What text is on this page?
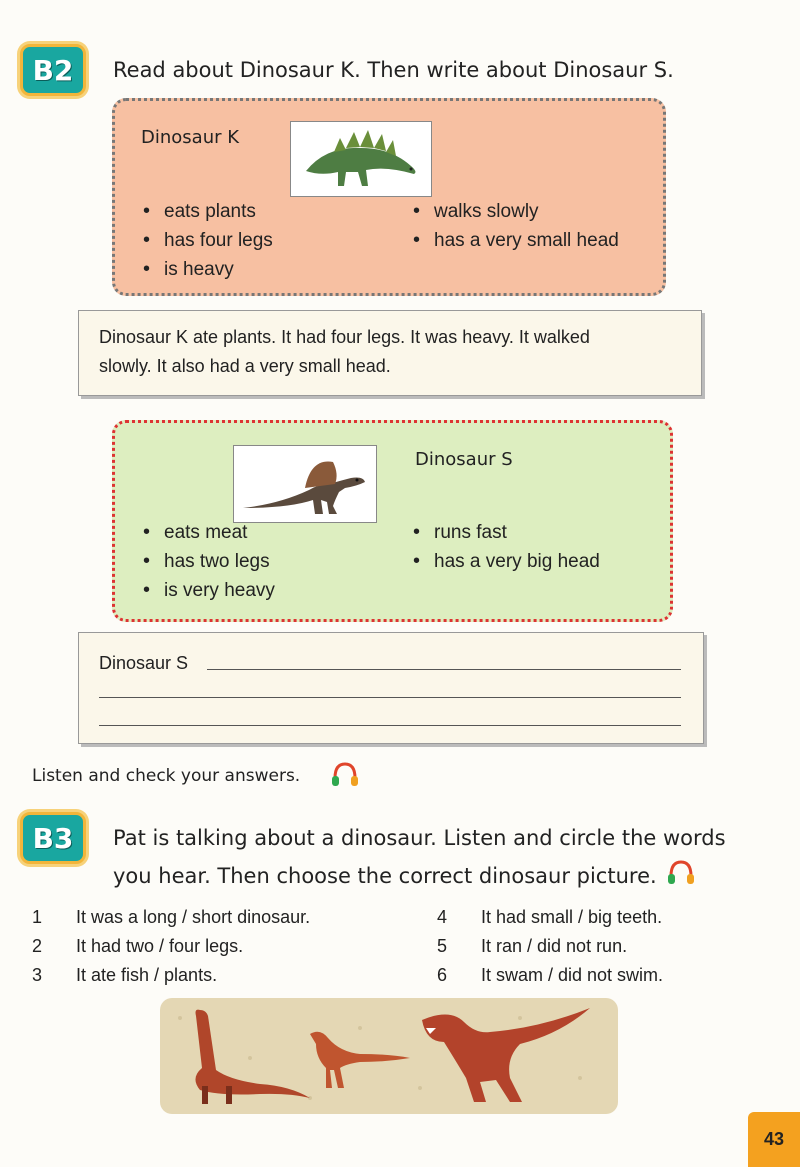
B2	Read about Dinosaur K. Then write about Dinosaur S.
Dinosaur K
• eats plants
• has four legs
• is heavy
• walks slowly
• has a very small head
Dinosaur K ate plants. It had four legs. It was heavy. It walked
slowly. It also had a very small head.
Dinosaur S
• eats meat
• has two legs
• is very heavy
• runs fast
• has a very big head
Dinosaur S
Listen and check your answers.
B3	Pat is talking about a dinosaur. Listen and circle the words
you hear. Then choose the correct dinosaur picture.
1	It was a long / short dinosaur.
2	It had two / four legs.
3	It ate fish / plants.
4	It had small / big teeth.
5	It ran / did not run.
6	It swam / did not swim.
43
